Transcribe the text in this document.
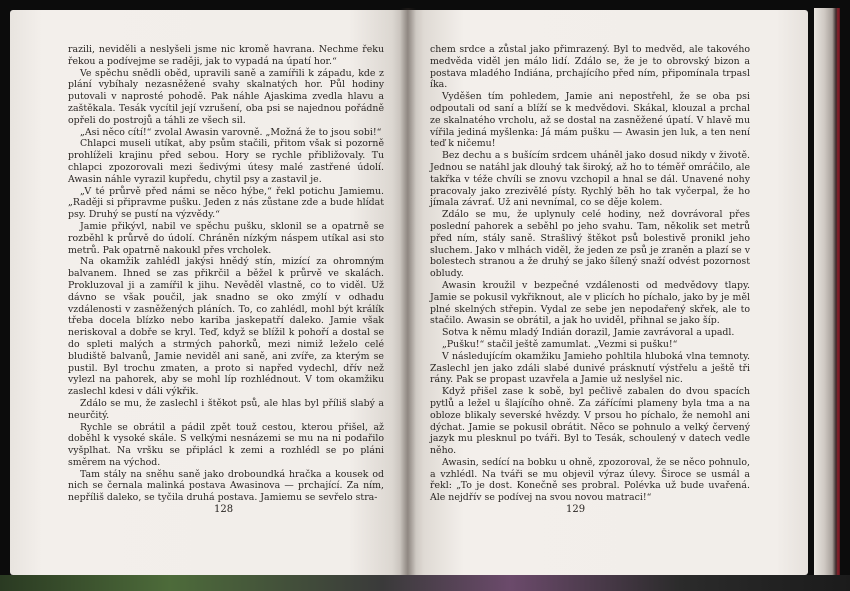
razili, neviděli a neslyšeli jsme nic kromě havrana. Nechme řeku řekou a podívejme se raději, jak to vypadá na úpatí hor.“

Ve spěchu snědli oběd, upravili saně a zamířili k západu, kde z plání vybíhaly nezasněžené svahy skalnatých hor. Půl hodiny putovali v naprosté pohodě. Pak náhle Ajaskima zvedla hlavu a zaštěkala. Tesák vycítil její vzrušení, oba psi se najednou pořádně opřeli do postrojů a táhli ze všech sil.

„Asi něco cítí!“ zvolal Awasin varovně. „Možná že to jsou sobi!“

Chlapci museli utíkat, aby psům stačili, přitom však si pozorně prohlíželi krajinu před sebou. Hory se rychle přibližovaly. Tu chlapci zpozorovali mezi šedivými útesy malé zastřené údolí. Awasin náhle vyrazil kupředu, chytil psy a zastavil je.

„V té průrvě před námi se něco hýbe,“ řekl potichu Jamiemu. „Raději si připravme pušku. Jeden z nás zůstane zde a bude hlídat psy. Druhý se pustí na výzvědy.“

Jamie přikývl, nabil ve spěchu pušku, sklonil se a opatrně se rozběhl k průrvě do údolí. Chráněn nízkým náspem utíkal asi sto metrů. Pak opatrně nakoukl přes vrcholek.

Na okamžik zahlédl jakýsi hnědý stín, mizící za ohromným balvanem. Ihned se zas přikrčil a běžel k průrvě ve skalách. Prokluzoval ji a zamířil k jihu. Nevěděl vlastně, co to viděl. Už dávno se však poučil, jak snadno se oko zmýlí v odhadu vzdálenosti v zasněžených pláních. To, co zahlédl, mohl být králík třeba docela blízko nebo kariba jaskepatří daleko. Jamie však neriskoval a dobře se kryl. Teď, když se blížil k pohoří a dostal se do spleti malých a strmých pahorků, mezi nimiž leželo celé bludiště balvanů, Jamie neviděl ani saně, ani zvíře, za kterým se pustil. Byl trochu zmaten, a proto si napřed vydechl, dřív než vylezl na pahorek, aby se mohl líp rozhlédnout. V tom okamžiku zaslechl kdesi v dáli výkřik.

Zdálo se mu, že zaslechl i štěkot psů, ale hlas byl příliš slabý a neurčitý.

Rychle se obrátil a pádil zpět touž cestou, kterou přišel, až doběhl k vysoké skále. S velkými nesnázemi se mu na ni podařilo vyšplhat. Na vršku se připlácl k zemi a rozhlédl se po pláni směrem na východ.

Tam stály na sněhu saně jako droboundká hračka a kousek od nich se černala malinká postava Awasinova — prchající. Za ním, nepříliš daleko, se tyčila druhá postava. Jamiemu se sevřelo stra-

128

chem srdce a zůstal jako přimrazený. Byl to medvěd, ale takového medvěda viděl jen málo lidí. Zdálo se, že je to obrovský bizon a postava mladého Indiána, prchajícího před ním, připomínala trpasl íka.

Vyděšen tím pohledem, Jamie ani nepostřehl, že se oba psi odpoutali od saní a blíží se k medvědovi. Skákal, klouzal a prchal ze skalnatého vrcholu, až se dostal na zasněžené úpatí. V hlavě mu vířila jediná myšlenka: Já mám pušku — Awasin jen luk, a ten není teď k ničemu!

Bez dechu a s bušícím srdcem uháněl jako dosud nikdy v životě. Jednou se natáhl jak dlouhý tak široký, až ho to téměř omráčilo, ale takřka v téže chvíli se znovu vzchopil a hnal se dál. Unavené nohy pracovaly jako zrezivělé písty. Rychlý běh ho tak vyčerpal, že ho jímala závrať. Už ani nevnímal, co se děje kolem.

Zdálo se mu, že uplynuly celé hodiny, než dovrávoral přes poslední pahorek a seběhl po jeho svahu. Tam, několik set metrů před ním, stály saně. Strašlivý štěkot psů bolestivě pronikl jeho sluchem. Jako v mlhách viděl, že jeden ze psů je zraněn a plazí se v bolestech stranou a že druhý se jako šílený snaží odvést pozornost obludy.

Awasin kroužil v bezpečné vzdálenosti od medvědovy tlapy. Jamie se pokusil vykřiknout, ale v plicích ho píchalo, jako by je měl plné skelných střepin. Vydal ze sebe jen nepodařený skřek, ale to stačilo. Awasin se obrátil, a jak ho uviděl, přihnal se jako šíp.

Sotva k němu mladý Indián dorazil, Jamie zavrávoral a upadl.

„Pušku!“ stačil ještě zamumlat. „Vezmi si pušku!“

V následujícím okamžiku Jamieho pohltila hluboká vlna temnoty. Zaslechl jen jako zdáli slabé dunivé prásknutí výstřelu a ještě tři rány. Pak se propast uzavřela a Jamie už neslyšel nic.

Když přišel zase k sobě, byl pečlivě zabalen do dvou spacích pytlů a ležel u šlajícího ohně. Za zářícími plameny byla tma a na obloze blikaly severské hvězdy. V prsou ho píchalo, že nemohl ani dýchat. Jamie se pokusil obrátit. Něco se pohnulo a velký červený jazyk mu plesknul po tváři. Byl to Tesák, schoulený v datech vedle něho.

Awasin, sedící na bobku u ohně, zpozoroval, že se něco pohnulo, a vzhlédl. Na tváři se mu objevil výraz úlevy. Široce se usmál a řekl: „To je dost. Konečně ses probral. Polévka už bude uvařená. Ale nejdřív se podívej na svou novou matraci!“

129
